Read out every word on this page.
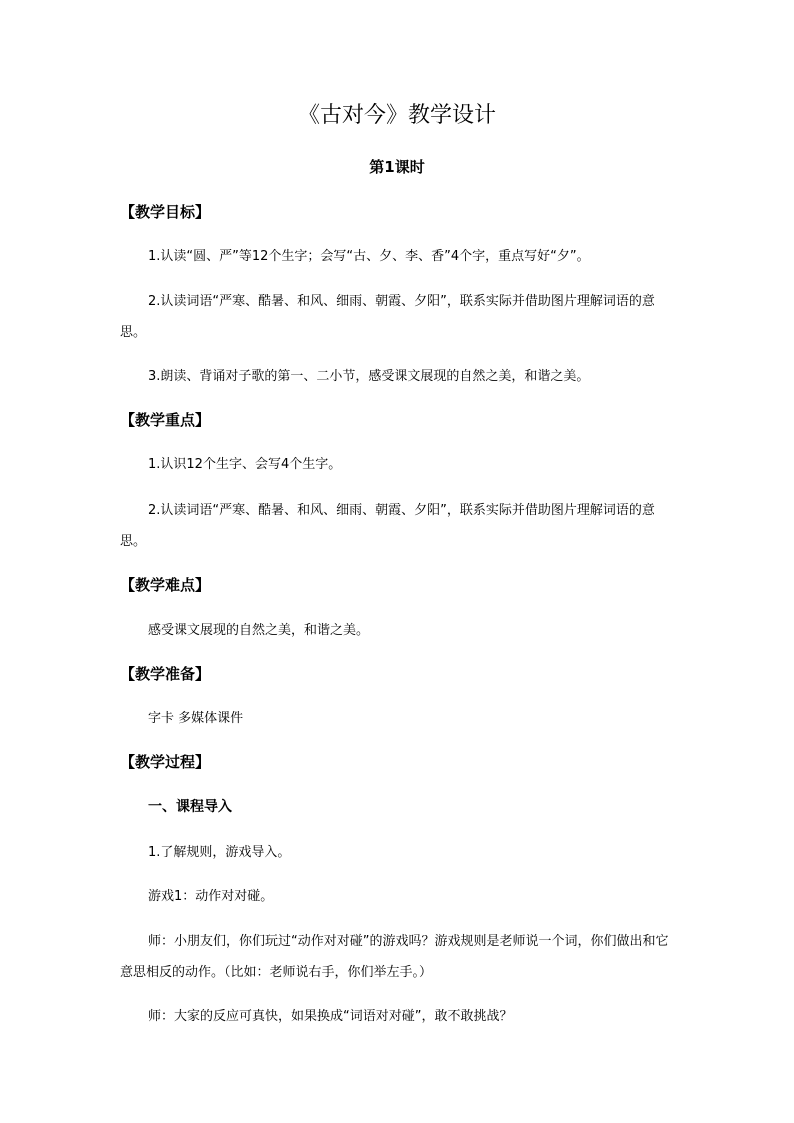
《古对今》教学设计
第1课时
【教学目标】
1.认读“圆、严”等12个生字；会写“古、夕、李、香”4个字，重点写好“夕”。
2.认读词语“严寒、酷暑、和风、细雨、朝霞、夕阳”，联系实际并借助图片理解词语的意思。
3.朗读、背诵对子歌的第一、二小节，感受课文展现的自然之美，和谐之美。
【教学重点】
1.认识12个生字、会写4个生字。
2.认读词语“严寒、酷暑、和风、细雨、朝霞、夕阳”，联系实际并借助图片理解词语的意思。
【教学难点】
感受课文展现的自然之美，和谐之美。
【教学准备】
字卡 多媒体课件
【教学过程】
一、课程导入
1.了解规则，游戏导入。
游戏1：动作对对碰。
师：小朋友们，你们玩过“动作对对碰”的游戏吗？游戏规则是老师说一个词，你们做出和它意思相反的动作。（比如：老师说右手，你们举左手。）
师：大家的反应可真快，如果换成“词语对对碰”，敢不敢挑战？
